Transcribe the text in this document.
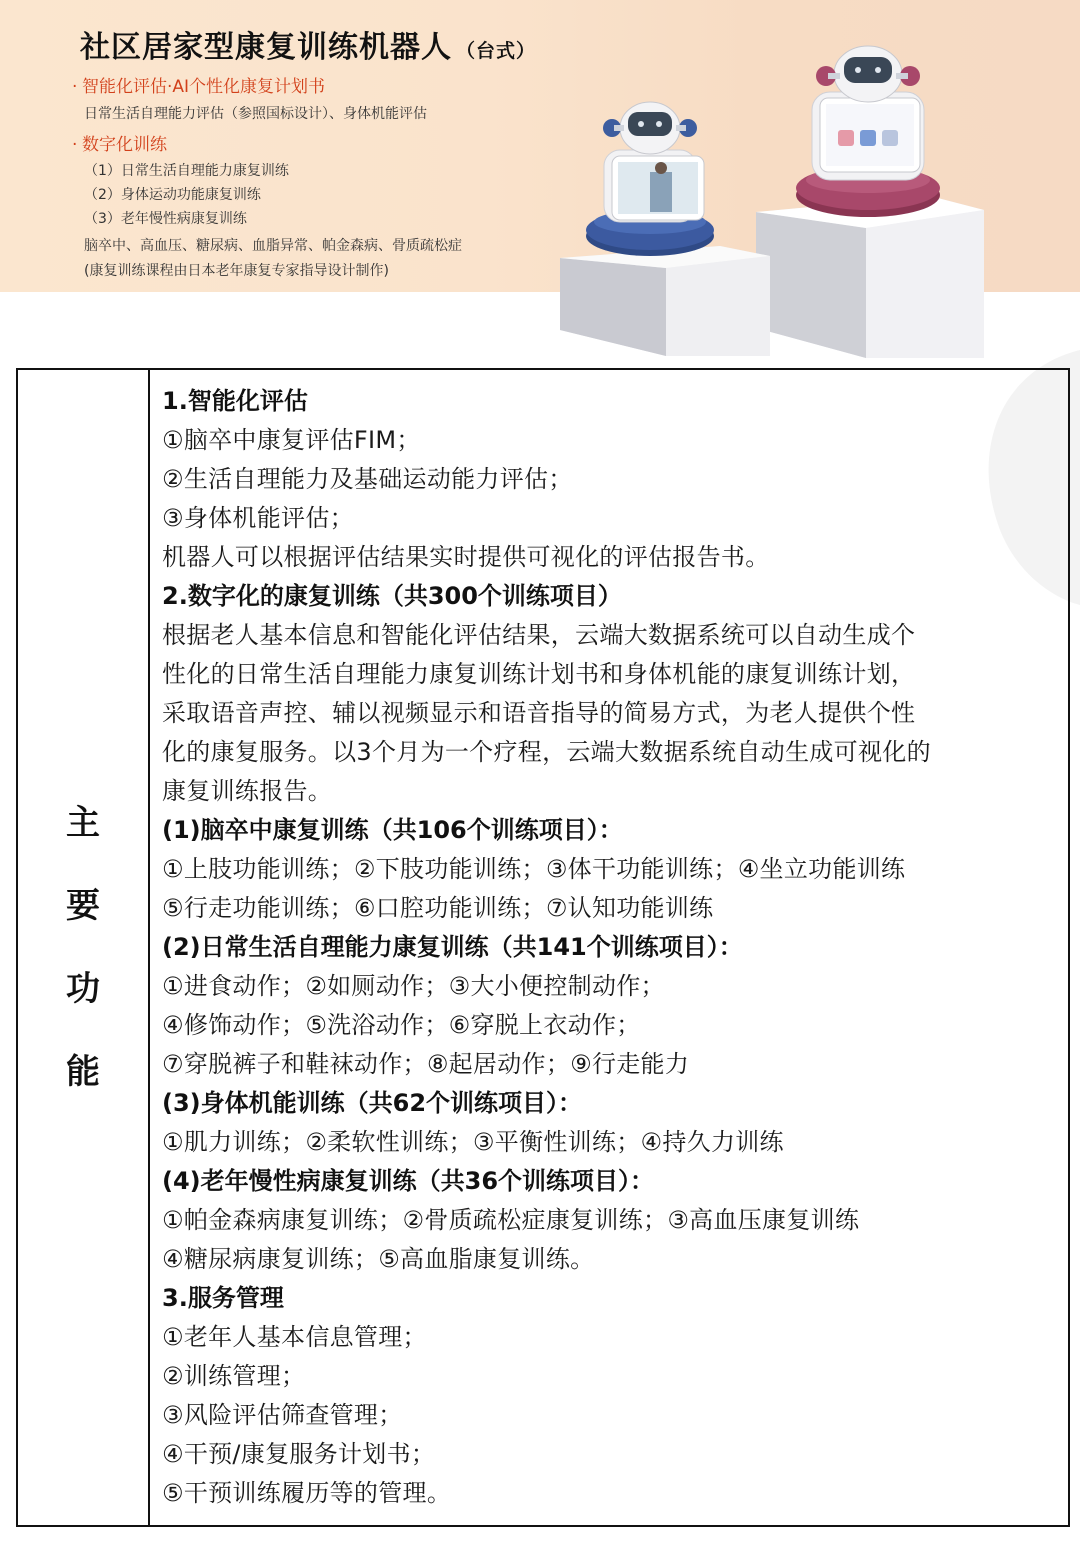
社区居家型康复训练机器人 （台式）
· 智能化评估·AI个性化康复计划书
日常生活自理能力评估（参照国标设计）、身体机能评估
· 数字化训练
（1）日常生活自理能力康复训练
（2）身体运动功能康复训练
（3）老年慢性病康复训练
脑卒中、高血压、糖尿病、血脂异常、帕金森病、骨质疏松症
(康复训练课程由日本老年康复专家指导设计制作)
主
要
功
能
1.智能化评估
①脑卒中康复评估FIM；
②生活自理能力及基础运动能力评估；
③身体机能评估；
机器人可以根据评估结果实时提供可视化的评估报告书。
2.数字化的康复训练（共300个训练项目）
根据老人基本信息和智能化评估结果，云端大数据系统可以自动生成个
性化的日常生活自理能力康复训练计划书和身体机能的康复训练计划，
采取语音声控、辅以视频显示和语音指导的简易方式，为老人提供个性
化的康复服务。以3个月为一个疗程，云端大数据系统自动生成可视化的
康复训练报告。
(1)脑卒中康复训练（共106个训练项目）：
①上肢功能训练；②下肢功能训练；③体干功能训练；④坐立功能训练
⑤行走功能训练；⑥口腔功能训练；⑦认知功能训练
(2)日常生活自理能力康复训练（共141个训练项目）：
①进食动作；②如厕动作；③大小便控制动作；
④修饰动作；⑤洗浴动作；⑥穿脱上衣动作；
⑦穿脱裤子和鞋袜动作；⑧起居动作；⑨行走能力
(3)身体机能训练（共62个训练项目）：
①肌力训练；②柔软性训练；③平衡性训练；④持久力训练
(4)老年慢性病康复训练（共36个训练项目）：
①帕金森病康复训练；②骨质疏松症康复训练；③高血压康复训练
④糖尿病康复训练；⑤高血脂康复训练。
3.服务管理
①老年人基本信息管理；
②训练管理；
③风险评估筛查管理；
④干预/康复服务计划书；
⑤干预训练履历等的管理。
